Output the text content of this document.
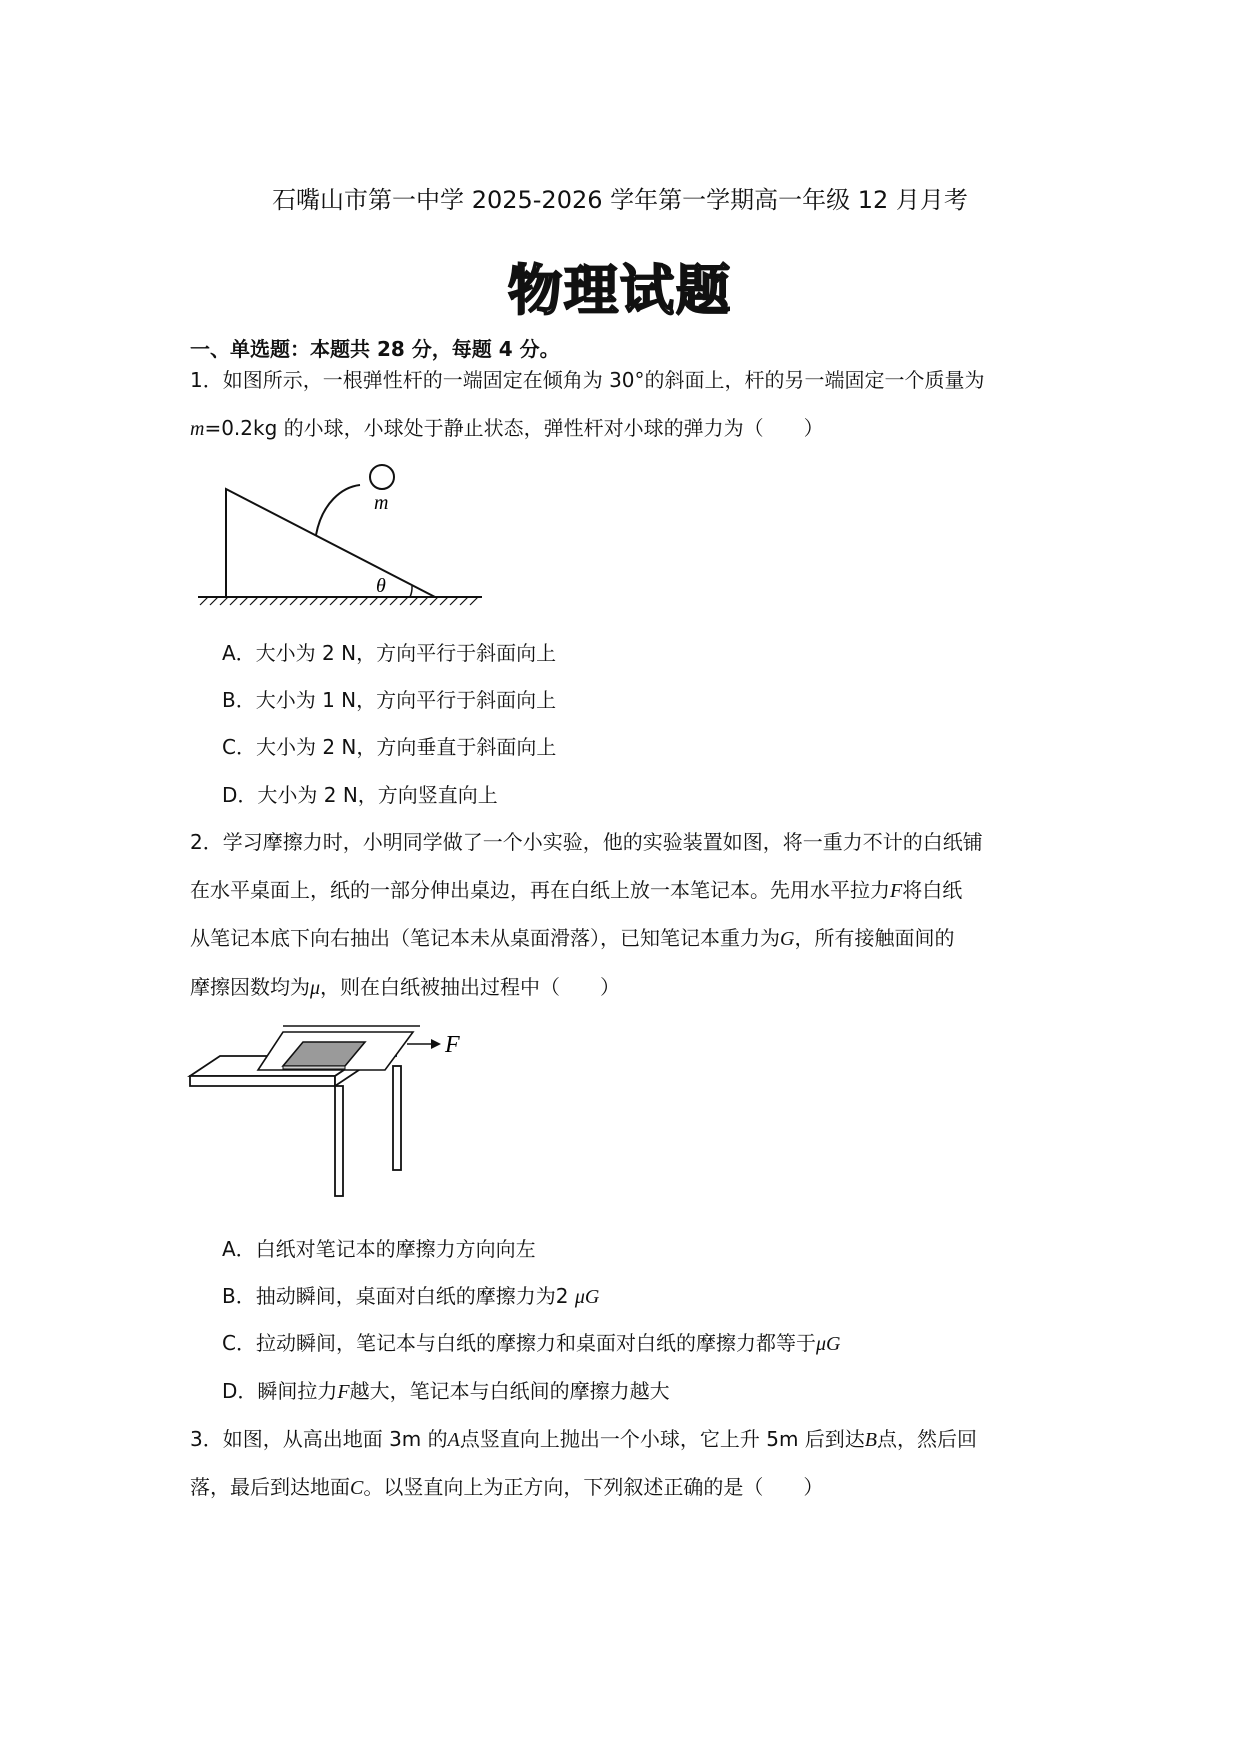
石嘴山市第一中学 2025-2026 学年第一学期高一年级 12 月月考
物理试题
一、单选题：本题共 28 分，每题 4 分。
1．如图所示，一根弹性杆的一端固定在倾角为 30°的斜面上，杆的另一端固定一个质量为
m=0.2kg 的小球，小球处于静止状态，弹性杆对小球的弹力为（　　）
m
θ
A．大小为 2 N，方向平行于斜面向上
B．大小为 1 N，方向平行于斜面向上
C．大小为 2 N，方向垂直于斜面向上
D．大小为 2 N，方向竖直向上
2．学习摩擦力时，小明同学做了一个小实验，他的实验装置如图，将一重力不计的白纸铺
在水平桌面上，纸的一部分伸出桌边，再在白纸上放一本笔记本。先用水平拉力F将白纸
从笔记本底下向右抽出（笔记本未从桌面滑落），已知笔记本重力为G，所有接触面间的
摩擦因数均为μ，则在白纸被抽出过程中（　　）
F
A．白纸对笔记本的摩擦力方向向左
B．抽动瞬间，桌面对白纸的摩擦力为2 μG
C．拉动瞬间，笔记本与白纸的摩擦力和桌面对白纸的摩擦力都等于μG
D．瞬间拉力F越大，笔记本与白纸间的摩擦力越大
3．如图，从高出地面 3m 的A点竖直向上抛出一个小球，它上升 5m 后到达B点，然后回
落，最后到达地面C。以竖直向上为正方向，下列叙述正确的是（　　）
